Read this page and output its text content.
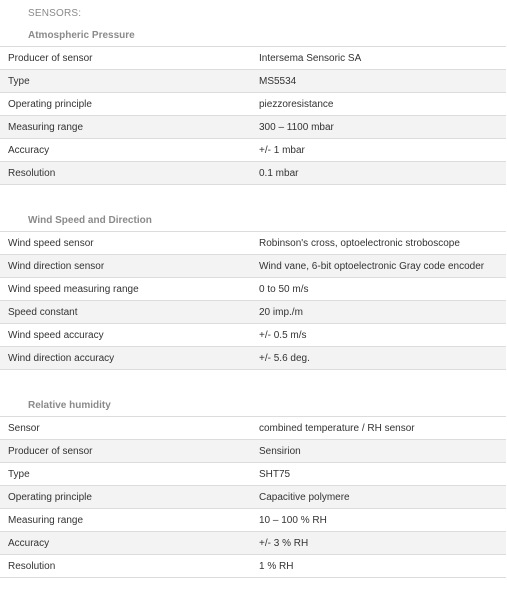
SENSORS:
Atmospheric Pressure
Producer of sensor	Intersema Sensoric SA
Type	MS5534
Operating principle	piezzoresistance
Measuring range	300 – 1100 mbar
Accuracy	+/- 1 mbar
Resolution	0.1 mbar
Wind Speed and Direction
Wind speed sensor	Robinson's cross, optoelectronic stroboscope
Wind direction sensor	Wind vane, 6-bit optoelectronic Gray code encoder
Wind speed measuring range	0 to 50 m/s
Speed constant	20 imp./m
Wind speed accuracy	+/- 0.5 m/s
Wind direction accuracy	+/- 5.6 deg.
Relative humidity
Sensor	combined temperature / RH sensor
Producer of sensor	Sensirion
Type	SHT75
Operating principle	Capacitive polymere
Measuring range	10 – 100 % RH
Accuracy	+/- 3 % RH
Resolution	1 % RH
